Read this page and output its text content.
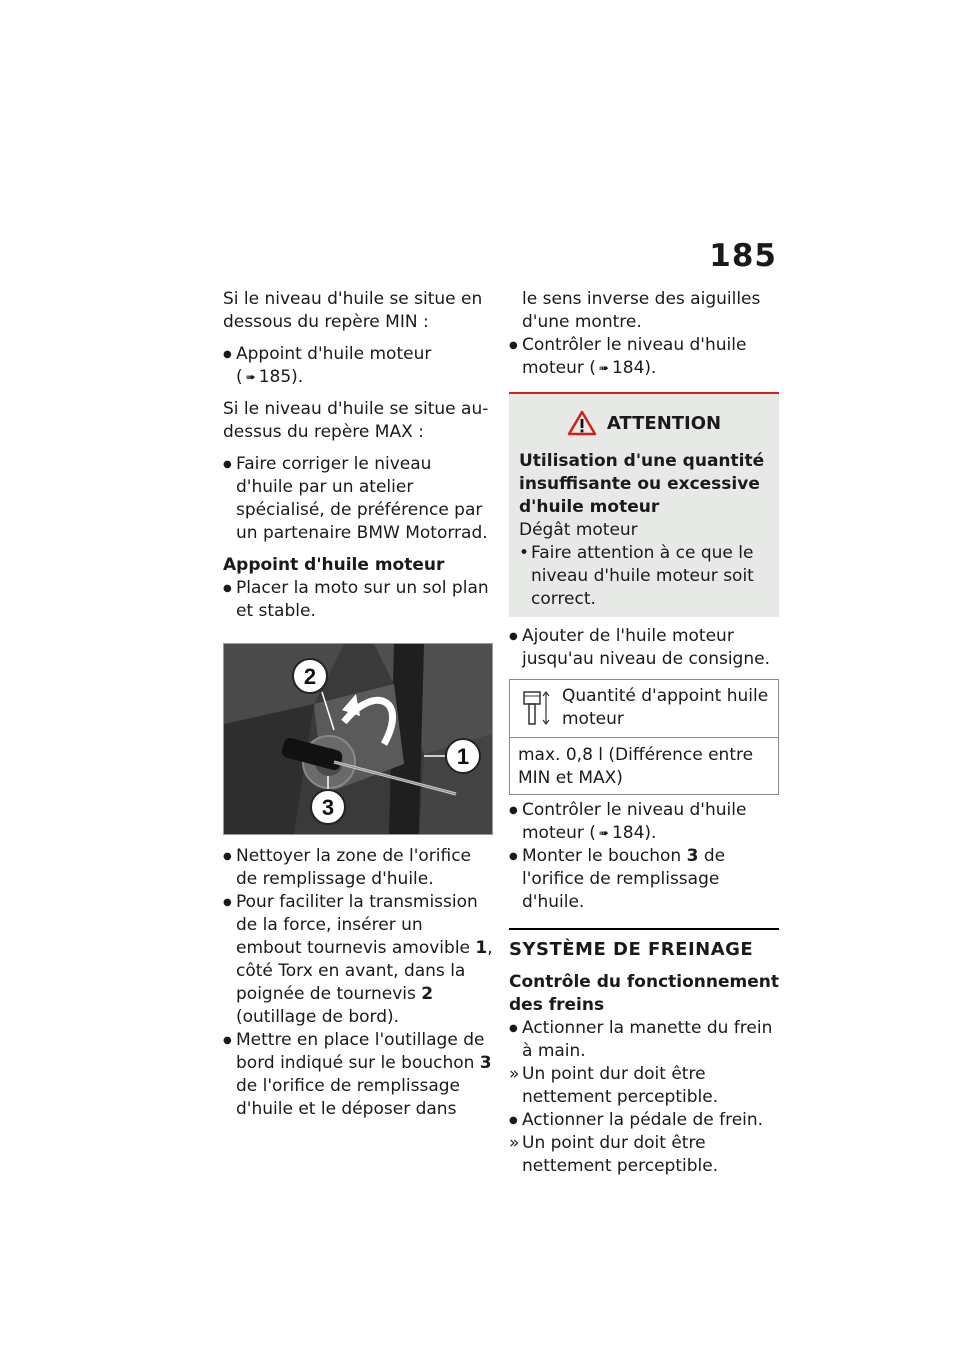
185

Si le niveau d'huile se situe en dessous du repère MIN :

● Appoint d'huile moteur
( ➠ 185).

Si le niveau d'huile se situe au-dessus du repère MAX :

● Faire corriger le niveau d'huile par un atelier spécialisé, de préférence par un partenaire BMW Motorrad.

Appoint d'huile moteur

● Placer la moto sur un sol plan et stable.

2
1
3

● Nettoyer la zone de l'orifice de remplissage d'huile.

● Pour faciliter la transmission de la force, insérer un embout tournevis amovible 1, côté Torx en avant, dans la poignée de tournevis 2 (outillage de bord).

● Mettre en place l'outillage de bord indiqué sur le bouchon 3 de l'orifice de remplissage d'huile et le déposer dans

le sens inverse des aiguilles d'une montre.

● Contrôler le niveau d'huile moteur ( ➠ 184).

ATTENTION

Utilisation d'une quantité insuffisante ou excessive d'huile moteur

Dégât moteur

• Faire attention à ce que le niveau d'huile moteur soit correct.

● Ajouter de l'huile moteur jusqu'au niveau de consigne.

Quantité d'appoint huile moteur
max. 0,8 l (Différence entre MIN et MAX)

● Contrôler le niveau d'huile moteur ( ➠ 184).

● Monter le bouchon 3 de l'orifice de remplissage d'huile.

SYSTÈME DE FREINAGE

Contrôle du fonctionnement des freins

● Actionner la manette du frein à main.

» Un point dur doit être nettement perceptible.

● Actionner la pédale de frein.

» Un point dur doit être nettement perceptible.
